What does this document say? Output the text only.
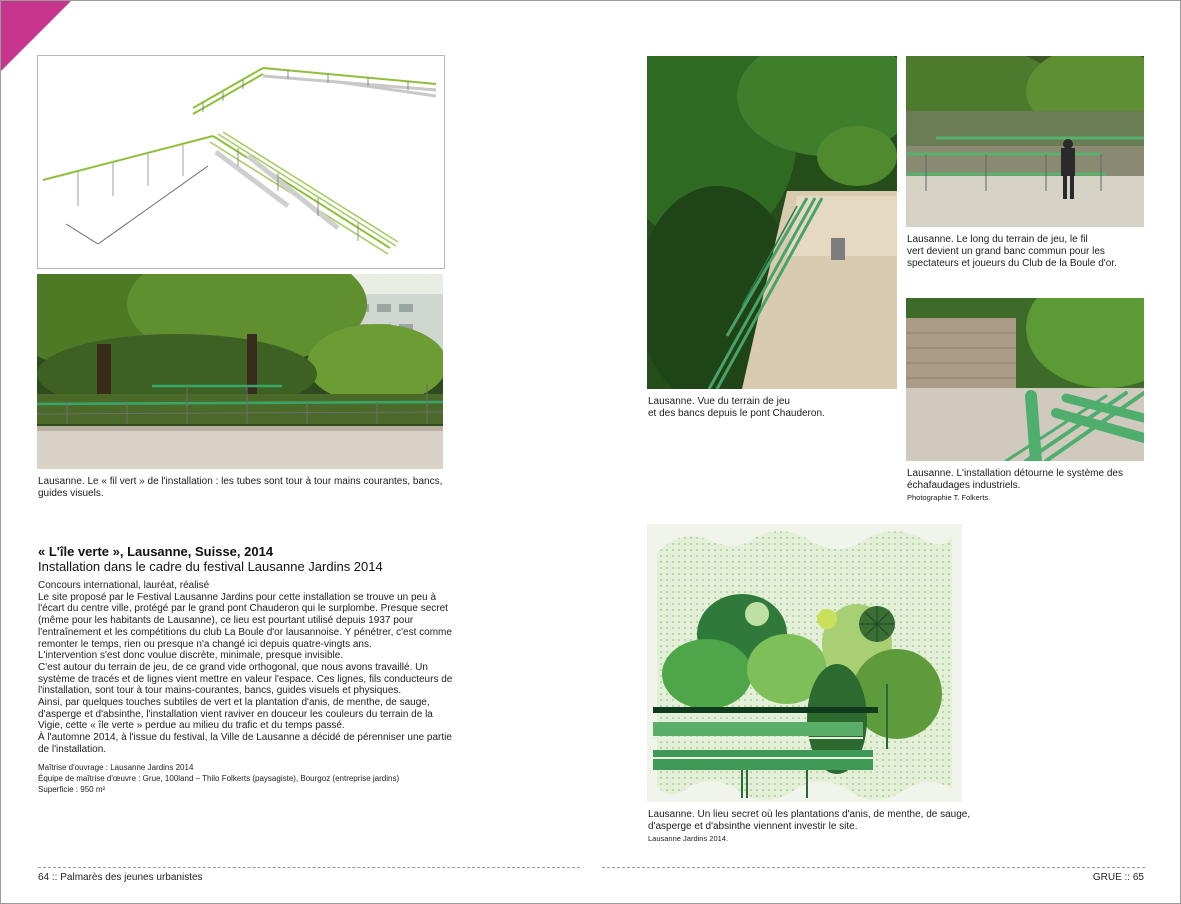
Lausanne. Le « fil vert » de l'installation : les tubes sont tour à tour mains courantes, bancs, guides visuels.
Lausanne. Vue du terrain de jeu
et des bancs depuis le pont Chauderon.
Lausanne. Le long du terrain de jeu, le fil
vert devient un grand banc commun pour les
spectateurs et joueurs du Club de la Boule d'or.
Lausanne. L'installation détourne le système des échafaudages industriels.
Photographie T. Folkerts.
Lausanne. Un lieu secret où les plantations d'anis, de menthe, de sauge,
d'asperge et d'absinthe viennent investir le site.
Lausanne Jardins 2014.
« L'île verte », Lausanne, Suisse, 2014
Installation dans le cadre du festival Lausanne Jardins 2014

Concours international, lauréat, réalisé

Le site proposé par le Festival Lausanne Jardins pour cette installation se trouve un peu à l'écart du centre ville, protégé par le grand pont Chauderon qui le surplombe. Presque secret (même pour les habitants de Lausanne), ce lieu est pourtant utilisé depuis 1937 pour l'entraînement et les compétitions du club La Boule d'or lausannoise. Y pénétrer, c'est comme remonter le temps, rien ou presque n'a changé ici depuis quatre-vingts ans.

L'intervention s'est donc voulue discrète, minimale, presque invisible.

C'est autour du terrain de jeu, de ce grand vide orthogonal, que nous avons travaillé. Un système de tracés et de lignes vient mettre en valeur l'espace. Ces lignes, fils conducteurs de l'installation, sont tour à tour mains-courantes, bancs, guides visuels et physiques.

Ainsi, par quelques touches subtiles de vert et la plantation d'anis, de menthe, de sauge, d'asperge et d'absinthe, l'installation vient raviver en douceur les couleurs du terrain de la Vigie, cette « île verte » perdue au milieu du trafic et du temps passé.

À l'automne 2014, à l'issue du festival, la Ville de Lausanne a décidé de pérenniser une partie de l'installation.

Maîtrise d'ouvrage : Lausanne Jardins 2014
Équipe de maîtrise d'œuvre : Grue, 100land – Thilo Folkerts (paysagiste), Bourgoz (entreprise jardins)
Superficie : 950 m²
64 :: Palmarès des jeunes urbanistes	GRUE :: 65
